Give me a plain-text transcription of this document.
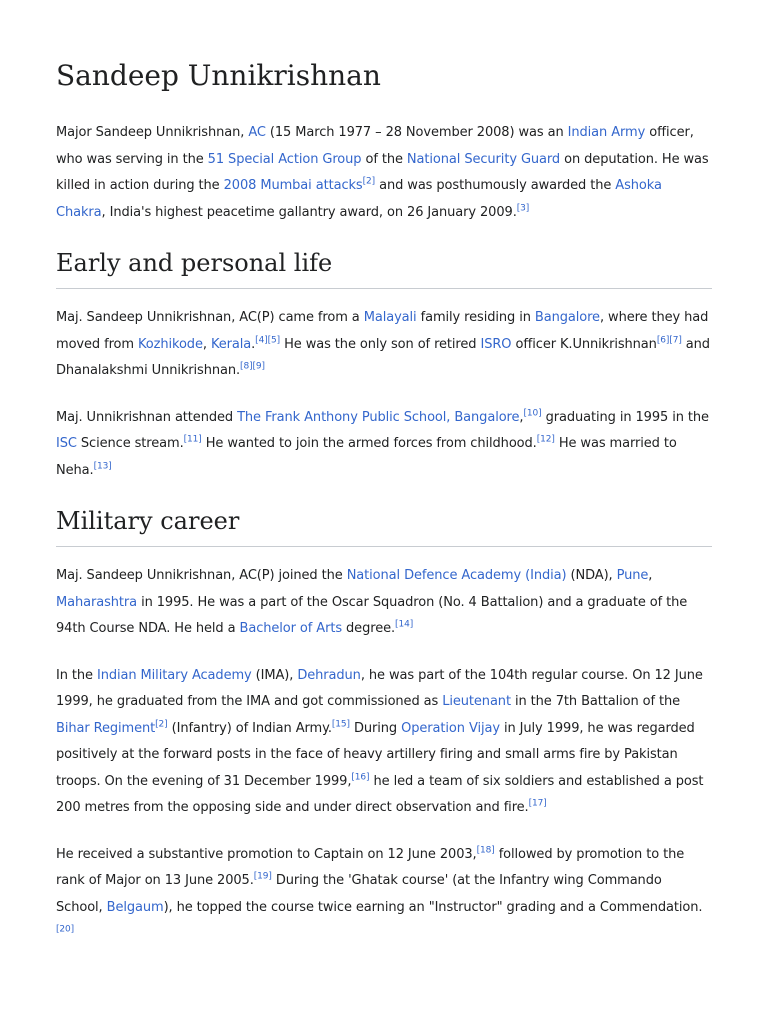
Sandeep Unnikrishnan

Major Sandeep Unnikrishnan, AC (15 March 1977 – 28 November 2008) was an Indian Army officer, who was serving in the 51 Special Action Group of the National Security Guard on deputation. He was killed in action during the 2008 Mumbai attacks[2] and was posthumously awarded the Ashoka Chakra, India's highest peacetime gallantry award, on 26 January 2009.[3]

Early and personal life

Maj. Sandeep Unnikrishnan, AC(P) came from a Malayali family residing in Bangalore, where they had moved from Kozhikode, Kerala.[4][5] He was the only son of retired ISRO officer K.Unnikrishnan[6][7] and Dhanalakshmi Unnikrishnan.[8][9]

Maj. Unnikrishnan attended The Frank Anthony Public School, Bangalore,[10] graduating in 1995 in the ISC Science stream.[11] He wanted to join the armed forces from childhood.[12] He was married to Neha.[13]

Military career

Maj. Sandeep Unnikrishnan, AC(P) joined the National Defence Academy (India) (NDA), Pune, Maharashtra in 1995. He was a part of the Oscar Squadron (No. 4 Battalion) and a graduate of the 94th Course NDA. He held a Bachelor of Arts degree.[14]

In the Indian Military Academy (IMA), Dehradun, he was part of the 104th regular course. On 12 June 1999, he graduated from the IMA and got commissioned as Lieutenant in the 7th Battalion of the Bihar Regiment[2] (Infantry) of Indian Army.[15] During Operation Vijay in July 1999, he was regarded positively at the forward posts in the face of heavy artillery firing and small arms fire by Pakistan troops. On the evening of 31 December 1999,[16] he led a team of six soldiers and established a post 200 metres from the opposing side and under direct observation and fire.[17]

He received a substantive promotion to Captain on 12 June 2003,[18] followed by promotion to the rank of Major on 13 June 2005.[19] During the 'Ghatak course' (at the Infantry wing Commando School, Belgaum), he topped the course twice earning an "Instructor" grading and a Commendation.[20]
